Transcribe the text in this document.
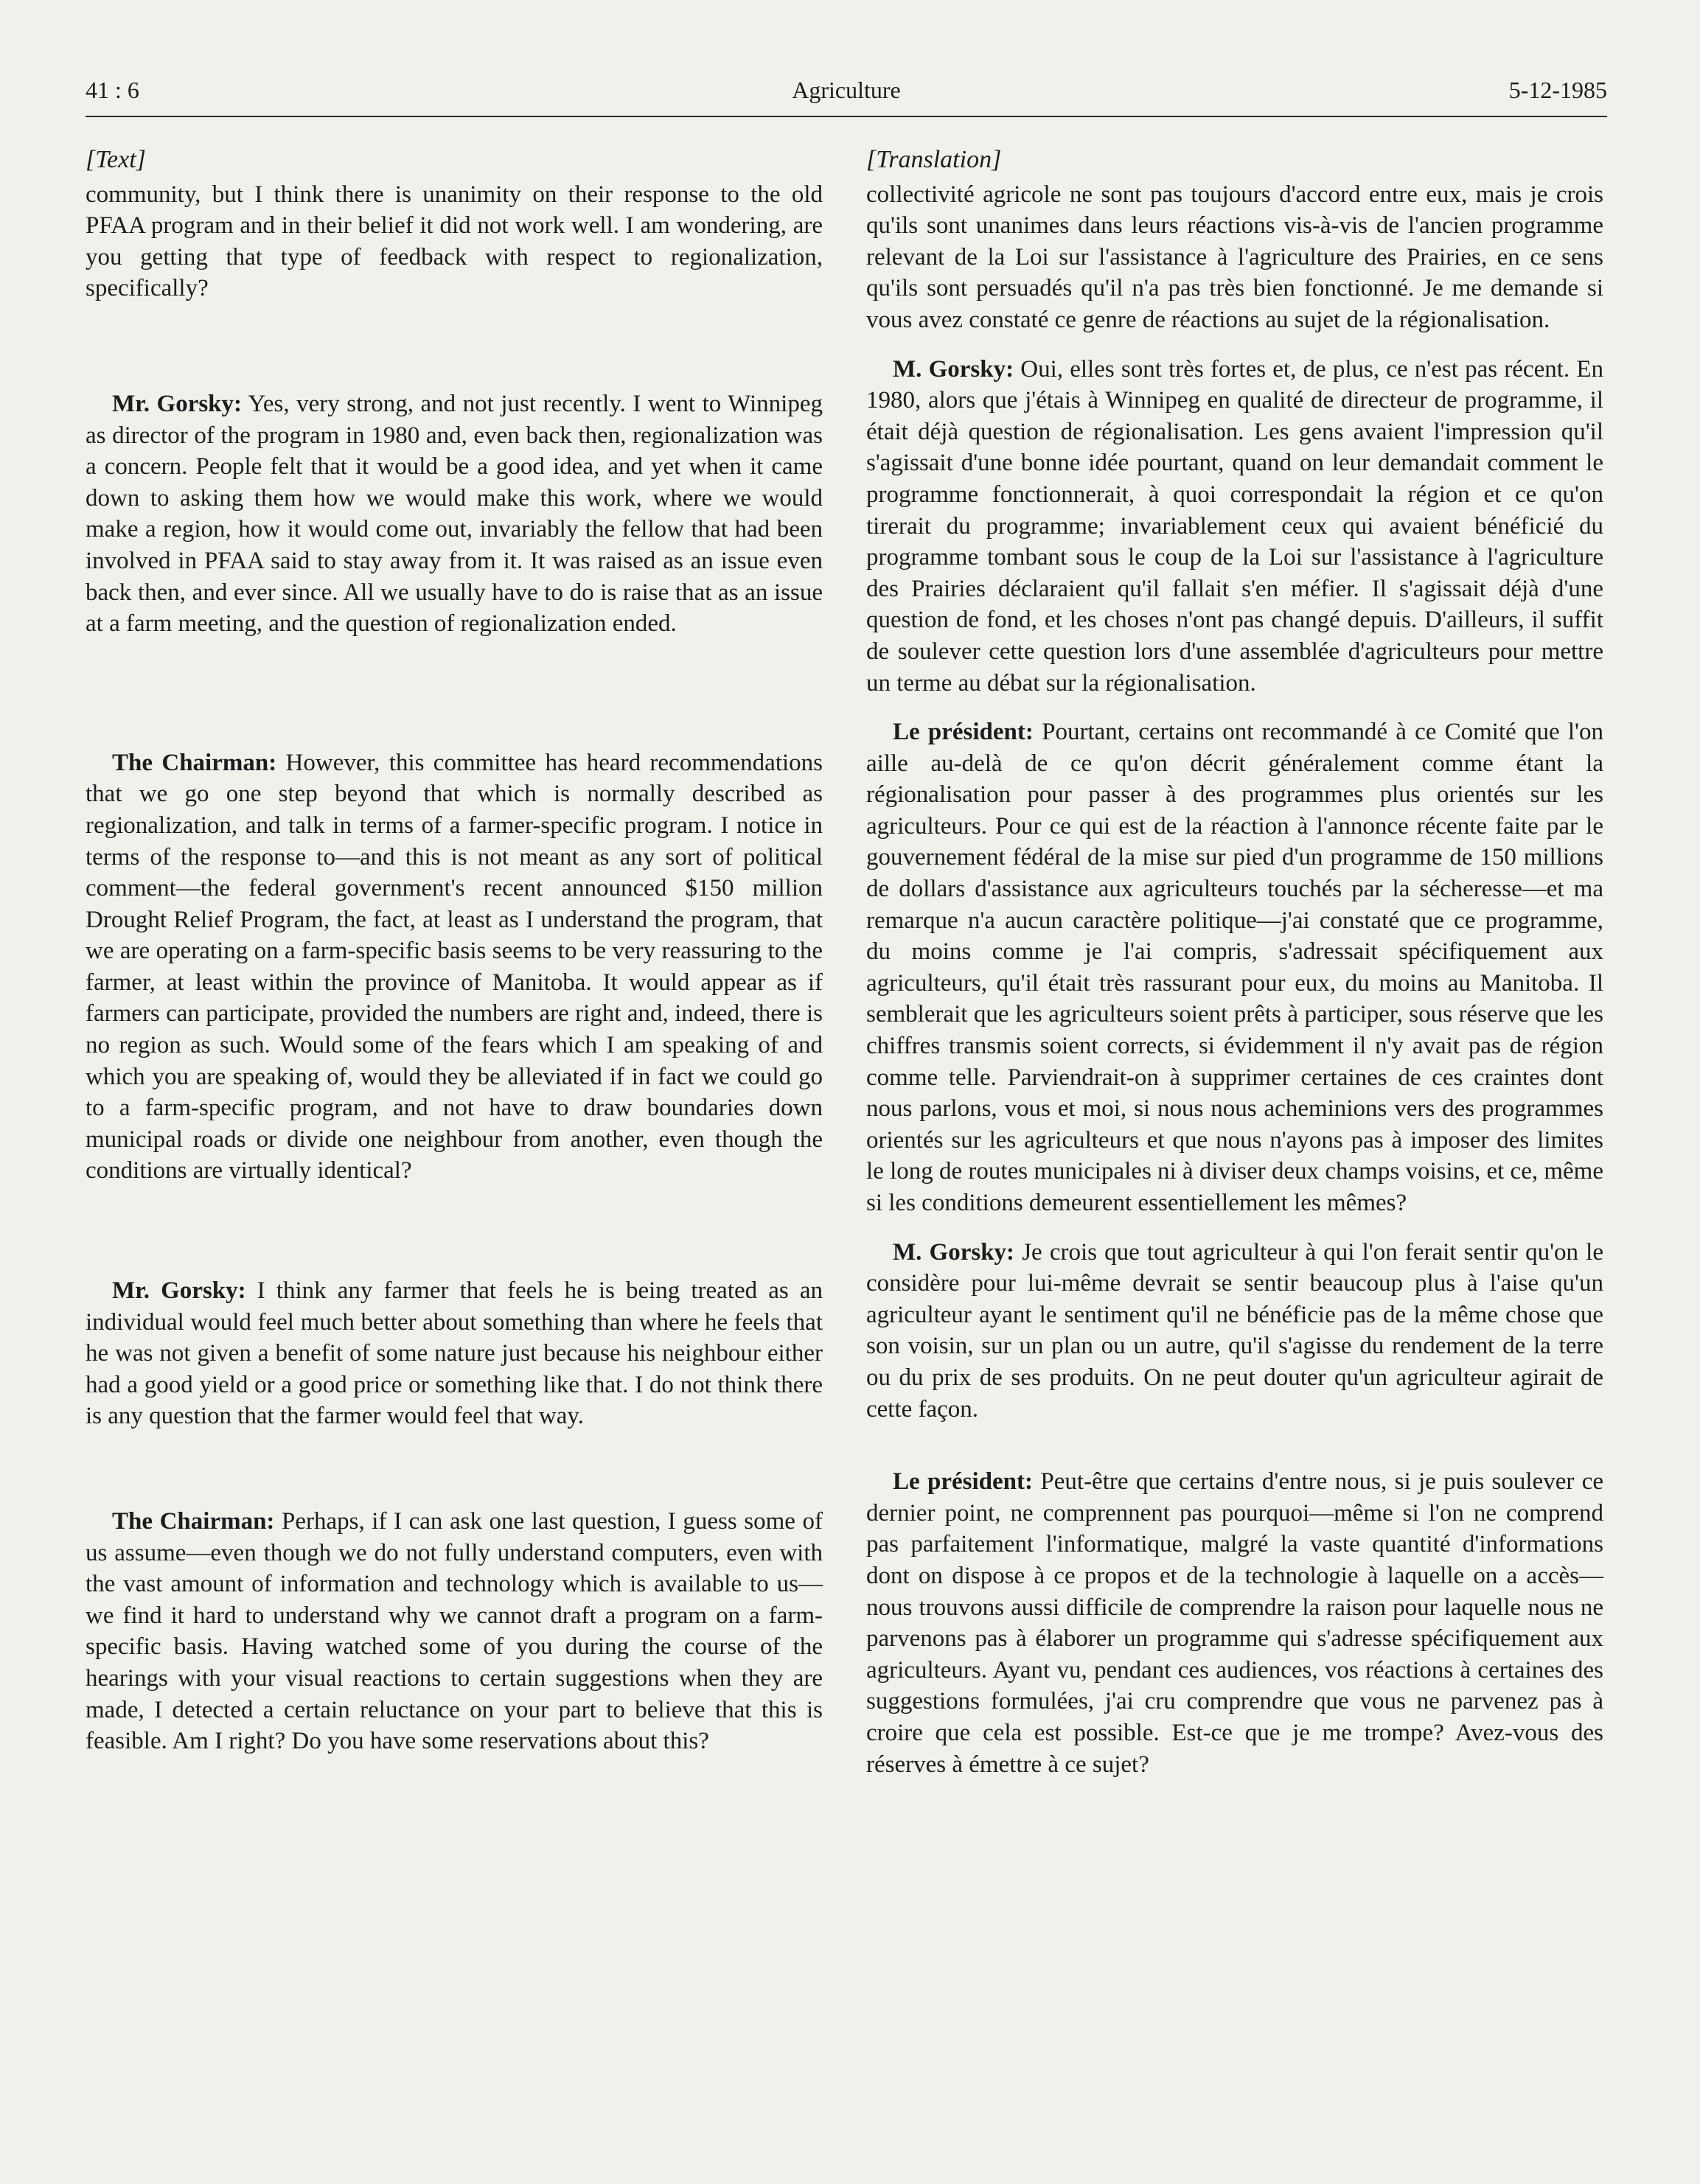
41 : 6	Agriculture	5-12-1985
[Text]

community, but I think there is unanimity on their response to the old PFAA program and in their belief it did not work well. I am wondering, are you getting that type of feedback with respect to regionalization, specifically?

Mr. Gorsky: Yes, very strong, and not just recently. I went to Winnipeg as director of the program in 1980 and, even back then, regionalization was a concern. People felt that it would be a good idea, and yet when it came down to asking them how we would make this work, where we would make a region, how it would come out, invariably the fellow that had been involved in PFAA said to stay away from it. It was raised as an issue even back then, and ever since. All we usually have to do is raise that as an issue at a farm meeting, and the question of regionalization ended.

The Chairman: However, this committee has heard recommendations that we go one step beyond that which is normally described as regionalization, and talk in terms of a farmer-specific program. I notice in terms of the response to—and this is not meant as any sort of political comment—the federal government's recent announced $150 million Drought Relief Program, the fact, at least as I understand the program, that we are operating on a farm-specific basis seems to be very reassuring to the farmer, at least within the province of Manitoba. It would appear as if farmers can participate, provided the numbers are right and, indeed, there is no region as such. Would some of the fears which I am speaking of and which you are speaking of, would they be alleviated if in fact we could go to a farm-specific program, and not have to draw boundaries down municipal roads or divide one neighbour from another, even though the conditions are virtually identical?

Mr. Gorsky: I think any farmer that feels he is being treated as an individual would feel much better about something than where he feels that he was not given a benefit of some nature just because his neighbour either had a good yield or a good price or something like that. I do not think there is any question that the farmer would feel that way.

The Chairman: Perhaps, if I can ask one last question, I guess some of us assume—even though we do not fully understand computers, even with the vast amount of information and technology which is available to us—we find it hard to understand why we cannot draft a program on a farm-specific basis. Having watched some of you during the course of the hearings with your visual reactions to certain suggestions when they are made, I detected a certain reluctance on your part to believe that this is feasible. Am I right? Do you have some reservations about this?

[Translation]

collectivité agricole ne sont pas toujours d'accord entre eux, mais je crois qu'ils sont unanimes dans leurs réactions vis-à-vis de l'ancien programme relevant de la Loi sur l'assistance à l'agriculture des Prairies, en ce sens qu'ils sont persuadés qu'il n'a pas très bien fonctionné. Je me demande si vous avez constaté ce genre de réactions au sujet de la régionalisation.

M. Gorsky: Oui, elles sont très fortes et, de plus, ce n'est pas récent. En 1980, alors que j'étais à Winnipeg en qualité de directeur de programme, il était déjà question de régionalisation. Les gens avaient l'impression qu'il s'agissait d'une bonne idée pourtant, quand on leur demandait comment le programme fonctionnerait, à quoi correspondait la région et ce qu'on tirerait du programme; invariablement ceux qui avaient bénéficié du programme tombant sous le coup de la Loi sur l'assistance à l'agriculture des Prairies déclaraient qu'il fallait s'en méfier. Il s'agissait déjà d'une question de fond, et les choses n'ont pas changé depuis. D'ailleurs, il suffit de soulever cette question lors d'une assemblée d'agriculteurs pour mettre un terme au débat sur la régionalisation.

Le président: Pourtant, certains ont recommandé à ce Comité que l'on aille au-delà de ce qu'on décrit généralement comme étant la régionalisation pour passer à des programmes plus orientés sur les agriculteurs. Pour ce qui est de la réaction à l'annonce récente faite par le gouvernement fédéral de la mise sur pied d'un programme de 150 millions de dollars d'assistance aux agriculteurs touchés par la sécheresse—et ma remarque n'a aucun caractère politique—j'ai constaté que ce programme, du moins comme je l'ai compris, s'adressait spécifiquement aux agriculteurs, qu'il était très rassurant pour eux, du moins au Manitoba. Il semblerait que les agriculteurs soient prêts à participer, sous réserve que les chiffres transmis soient corrects, si évidemment il n'y avait pas de région comme telle. Parviendrait-on à supprimer certaines de ces craintes dont nous parlons, vous et moi, si nous nous acheminions vers des programmes orientés sur les agriculteurs et que nous n'ayons pas à imposer des limites le long de routes municipales ni à diviser deux champs voisins, et ce, même si les conditions demeurent essentiellement les mêmes?

M. Gorsky: Je crois que tout agriculteur à qui l'on ferait sentir qu'on le considère pour lui-même devrait se sentir beaucoup plus à l'aise qu'un agriculteur ayant le sentiment qu'il ne bénéficie pas de la même chose que son voisin, sur un plan ou un autre, qu'il s'agisse du rendement de la terre ou du prix de ses produits. On ne peut douter qu'un agriculteur agirait de cette façon.

Le président: Peut-être que certains d'entre nous, si je puis soulever ce dernier point, ne comprennent pas pourquoi—même si l'on ne comprend pas parfaitement l'informatique, malgré la vaste quantité d'informations dont on dispose à ce propos et de la technologie à laquelle on a accès—nous trouvons aussi difficile de comprendre la raison pour laquelle nous ne parvenons pas à élaborer un programme qui s'adresse spécifiquement aux agriculteurs. Ayant vu, pendant ces audiences, vos réactions à certaines des suggestions formulées, j'ai cru comprendre que vous ne parvenez pas à croire que cela est possible. Est-ce que je me trompe? Avez-vous des réserves à émettre à ce sujet?
